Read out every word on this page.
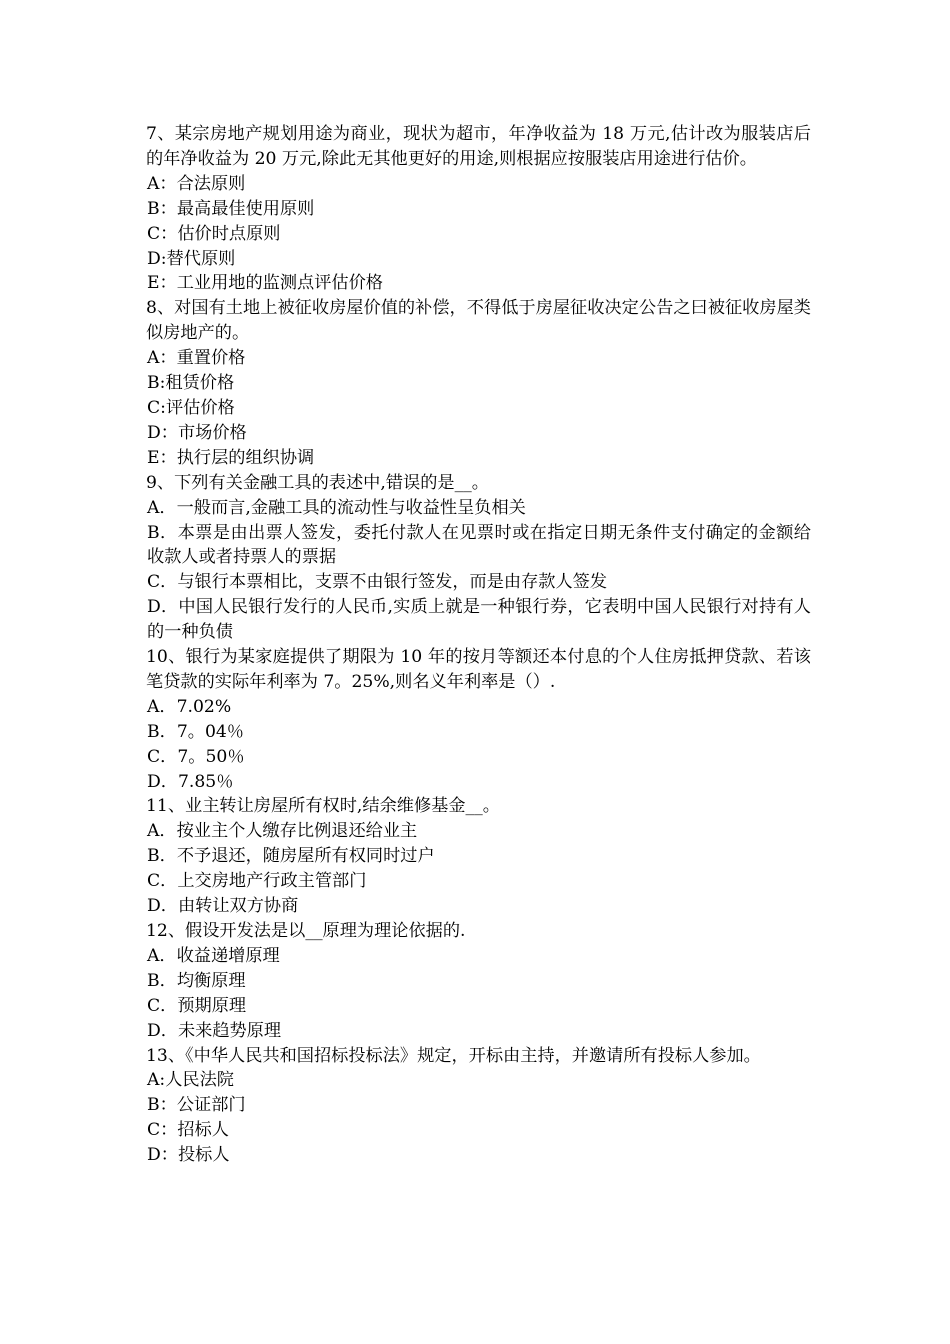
7、某宗房地产规划用途为商业，现状为超市，年净收益为 18 万元,估计改为服装店后的年净收益为 20 万元,除此无其他更好的用途,则根据应按服装店用途进行估价。

A：合法原则
B：最高最佳使用原则
C：估价时点原则
D:替代原则
E：工业用地的监测点评估价格

8、对国有土地上被征收房屋价值的补偿，不得低于房屋征收决定公告之曰被征收房屋类似房地产的。

A：重置价格
B:租赁价格
C:评估价格
D：市场价格
E：执行层的组织协调

9、下列有关金融工具的表述中,错误的是__。

A．一般而言,金融工具的流动性与收益性呈负相关
B．本票是由出票人签发，委托付款人在见票时或在指定日期无条件支付确定的金额给收款人或者持票人的票据
C．与银行本票相比，支票不由银行签发，而是由存款人签发
D．中国人民银行发行的人民币,实质上就是一种银行券，它表明中国人民银行对持有人的一种负债

10、银行为某家庭提供了期限为 10 年的按月等额还本付息的个人住房抵押贷款、若该笔贷款的实际年利率为 7。25%,则名义年利率是（）.

A．7.02%
B．7。04％
C．7。50％
D．7.85％

11、业主转让房屋所有权时,结余维修基金__。

A．按业主个人缴存比例退还给业主
B．不予退还，随房屋所有权同时过户
C．上交房地产行政主管部门
D．由转让双方协商

12、假设开发法是以__原理为理论依据的.

A．收益递增原理
B．均衡原理
C．预期原理
D．未来趋势原理

13、《中华人民共和国招标投标法》规定，开标由主持，并邀请所有投标人参加。

A:人民法院
B：公证部门
C：招标人
D：投标人
